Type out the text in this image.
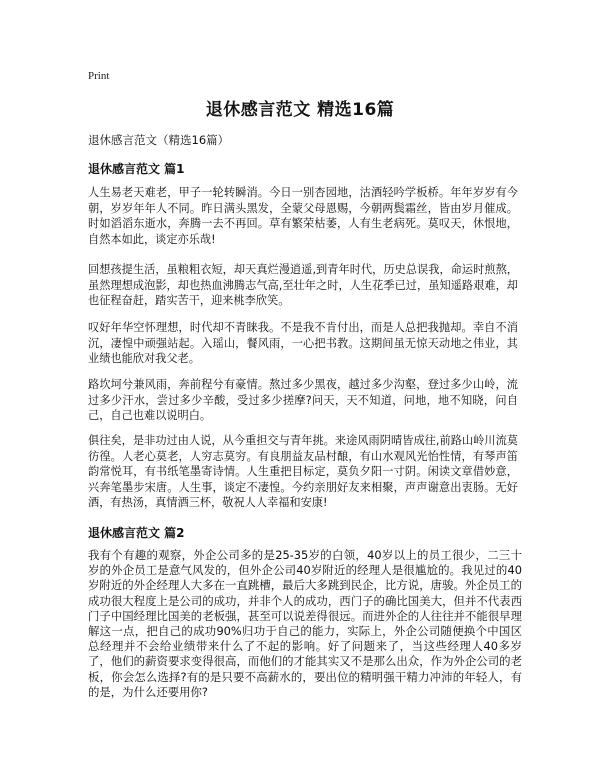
Print
退休感言范文 精选16篇
退休感言范文（精选16篇）
退休感言范文 篇1

人生易老天难老，甲子一轮转瞬消。今日一别杏园地，沽酒轻吟学板桥。年年岁岁有今朝，岁岁年年人不同。昨日满头黑发，全蒙父母恩赐，今朝两鬓霜丝，皆由岁月催成。时如滔滔东逝水，奔腾一去不再回。草有繁荣枯萎，人有生老病死。莫叹天，休恨地，自然本如此，谈定亦乐哉!

回想孩提生活，虽粮粗衣短，却天真烂漫逍遥,到青年时代，历史总误我，命运时煎熬，虽然理想成泡影，却也热血沸腾志气高,至壮年之时，人生花季已过，虽知遥路艰难，却也征程奋赶，踏实苦干，迎来桃李欣笑。

叹好年华空怀理想，时代却不青睐我。不是我不肯付出，而是人总把我抛却。幸自不消沉，凄惶中顽强站起。入瑶山，餐风雨，一心把书教。这期间虽无惊天动地之伟业，其业绩也能欣对我父老。

路坎坷兮兼风雨，奔前程兮有豪情。熬过多少黑夜，越过多少沟壑，登过多少山岭，流过多少汗水，尝过多少辛酸，受过多少搓摩?问天，天不知道，问地，地不知晓，问自己，自己也难以说明白。

俱往矣，是非功过由人说，从今重担交与青年挑。来途风雨阴晴皆成往,前路山岭川流莫彷徨。人老心莫老，人穷志莫穷。有良朋益友品村酿，有山水观风光怡性情，有琴声笛韵常悦耳，有书纸笔墨寄诗情。人生重把目标定，莫负夕阳一寸阴。闲读文章借妙意，兴奔笔墨步宋唐。人生事，谈定不凄惶。今约亲朋好友来相聚，声声谢意出衷肠。无好酒，有热汤，真情酒三杯，敬祝人人幸福和安康!

退休感言范文 篇2

我有个有趣的观察，外企公司多的是25-35岁的白领，40岁以上的员工很少，二三十岁的外企员工是意气风发的，但外企公司40岁附近的经理人是很尴尬的。我见过的40岁附近的外企经理人大多在一直跳槽，最后大多跳到民企，比方说，唐骏。外企员工的成功很大程度上是公司的成功，并非个人的成功，西门子的确比国美大，但并不代表西门子中国经理比国美的老板强，甚至可以说差得很远。而进外企的人往往并不能很早理解这一点，把自己的成功90%归功于自己的能力，实际上，外企公司随便换个中国区总经理并不会给业绩带来什么了不起的影响。好了问题来了，当这些经理人40多岁了，他们的薪资要求变得很高，而他们的才能其实又不是那么出众，作为外企公司的老板，你会怎么选择?有的是只要不高薪水的，要出位的精明强干精力冲沛的年轻人，有的是，为什么还要用你?
